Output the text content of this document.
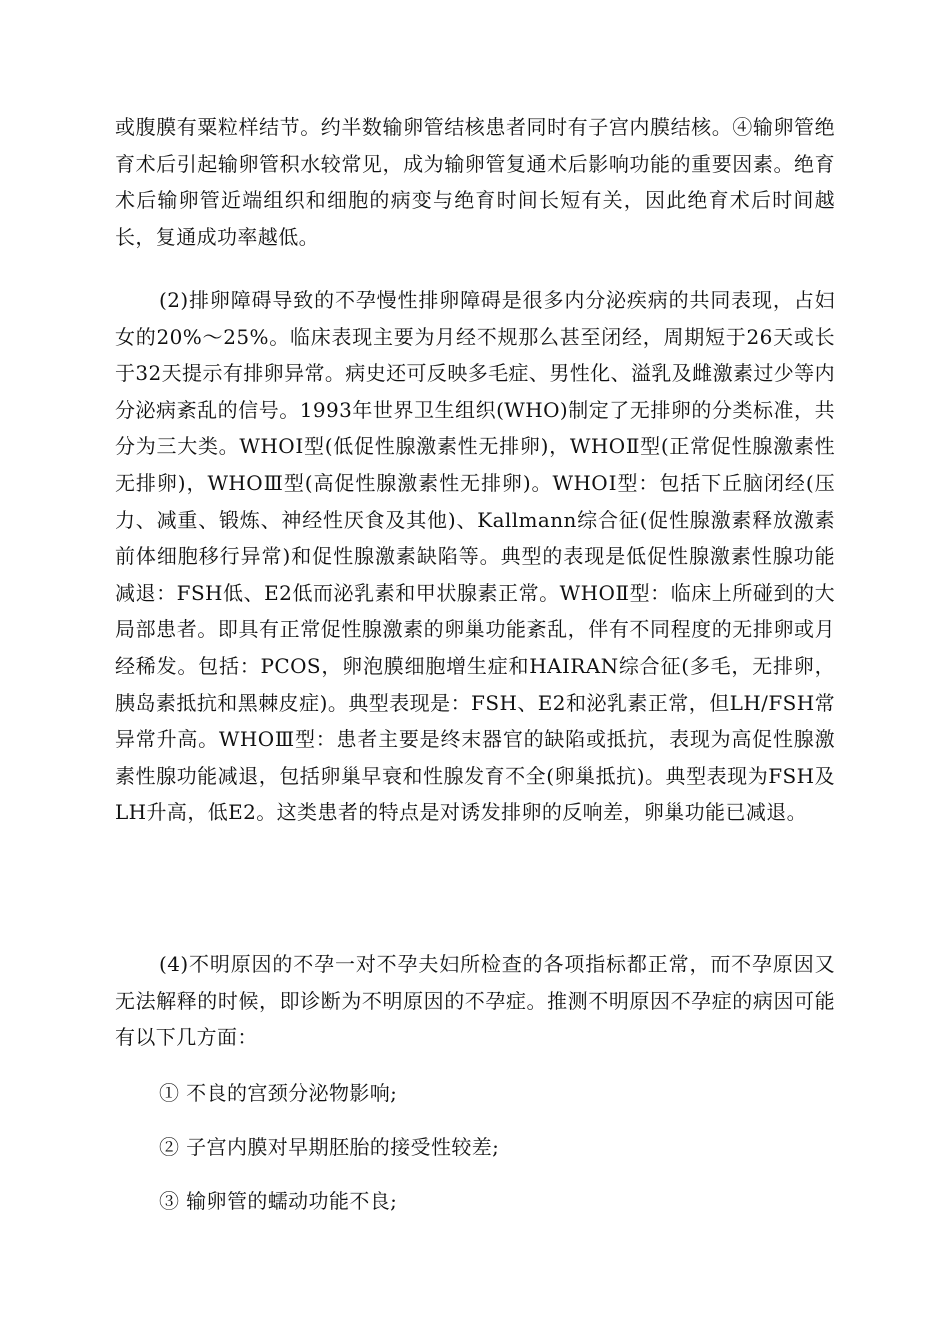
或腹膜有粟粒样结节。约半数输卵管结核患者同时有子宫内膜结核。④输卵管绝育术后引起输卵管积水较常见，成为输卵管复通术后影响功能的重要因素。绝育术后输卵管近端组织和细胞的病变与绝育时间长短有关，因此绝育术后时间越长，复通成功率越低。

(2)排卵障碍导致的不孕慢性排卵障碍是很多内分泌疾病的共同表现，占妇女的20%～25%。临床表现主要为月经不规那么甚至闭经，周期短于26天或长于32天提示有排卵异常。病史还可反映多毛症、男性化、溢乳及雌激素过少等内分泌病紊乱的信号。1993年世界卫生组织(WHO)制定了无排卵的分类标准，共分为三大类。WHOⅠ型(低促性腺激素性无排卵)，WHOⅡ型(正常促性腺激素性无排卵)，WHOⅢ型(高促性腺激素性无排卵)。WHOⅠ型：包括下丘脑闭经(压力、减重、锻炼、神经性厌食及其他)、Kallmann综合征(促性腺激素释放激素前体细胞移行异常)和促性腺激素缺陷等。典型的表现是低促性腺激素性腺功能减退：FSH低、E2低而泌乳素和甲状腺素正常。WHOⅡ型：临床上所碰到的大局部患者。即具有正常促性腺激素的卵巢功能紊乱，伴有不同程度的无排卵或月经稀发。包括：PCOS，卵泡膜细胞增生症和HAIRAN综合征(多毛，无排卵，胰岛素抵抗和黑棘皮症)。典型表现是：FSH、E2和泌乳素正常，但LH/FSH常异常升高。WHOⅢ型：患者主要是终末器官的缺陷或抵抗，表现为高促性腺激素性腺功能减退，包括卵巢早衰和性腺发育不全(卵巢抵抗)。典型表现为FSH及LH升高，低E2。这类患者的特点是对诱发排卵的反响差，卵巢功能已减退。

(4)不明原因的不孕一对不孕夫妇所检查的各项指标都正常，而不孕原因又无法解释的时候，即诊断为不明原因的不孕症。推测不明原因不孕症的病因可能有以下几方面：

① 不良的宫颈分泌物影响;

② 子宫内膜对早期胚胎的接受性较差;

③ 输卵管的蠕动功能不良;
